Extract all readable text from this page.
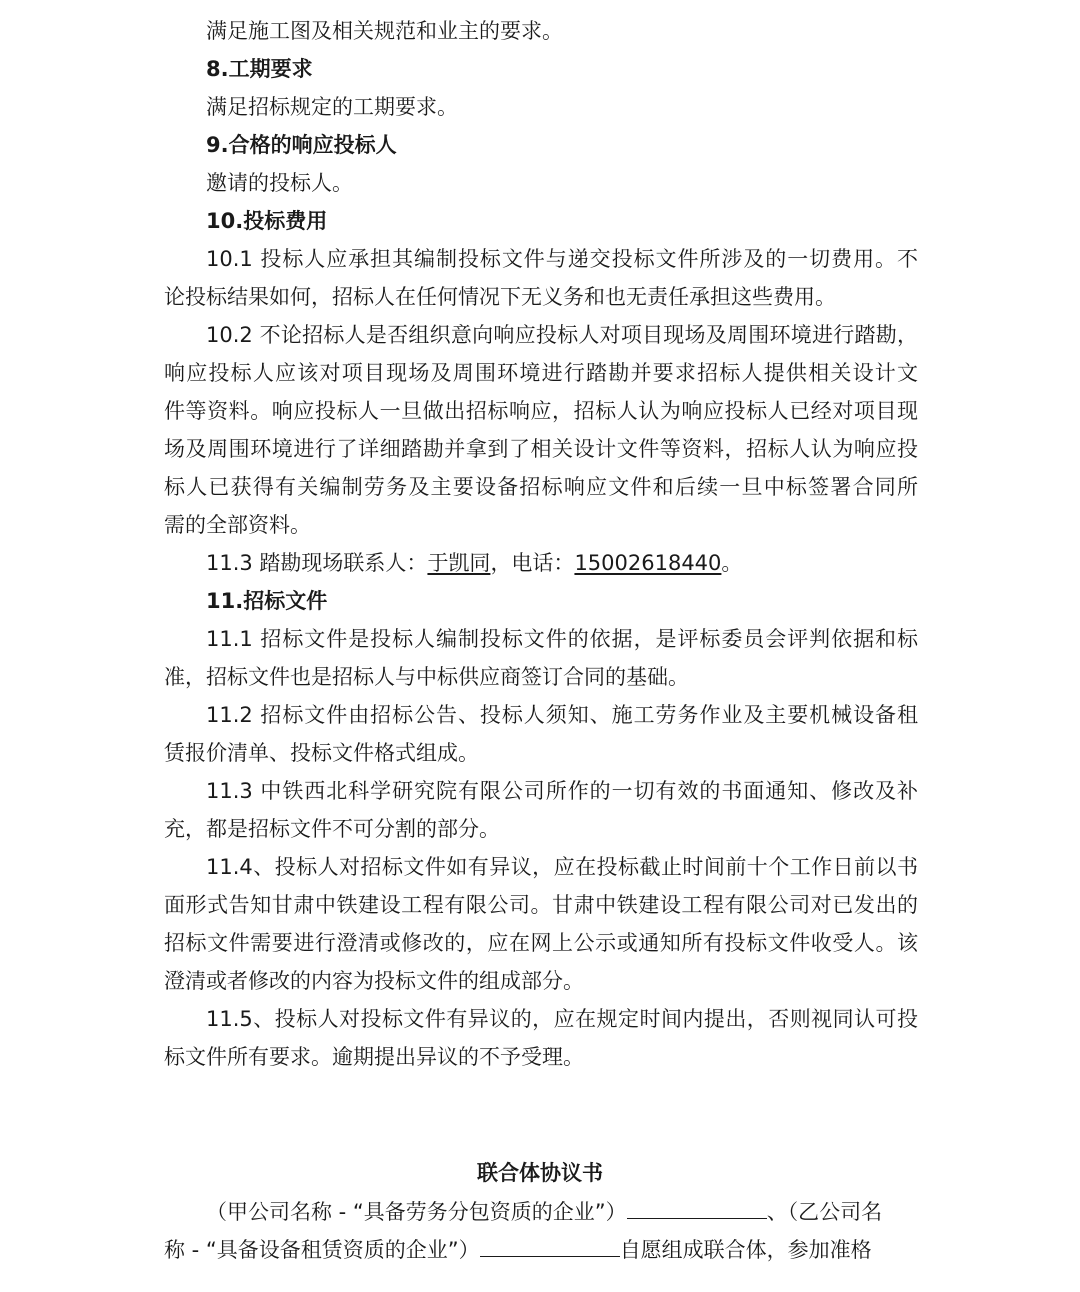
满足施工图及相关规范和业主的要求。
8.工期要求
满足招标规定的工期要求。
9.合格的响应投标人
邀请的投标人。
10.投标费用
10.1 投标人应承担其编制投标文件与递交投标文件所涉及的一切费用。不
论投标结果如何，招标人在任何情况下无义务和也无责任承担这些费用。
10.2 不论招标人是否组织意向响应投标人对项目现场及周围环境进行踏勘，
响应投标人应该对项目现场及周围环境进行踏勘并要求招标人提供相关设计文
件等资料。响应投标人一旦做出招标响应，招标人认为响应投标人已经对项目现
场及周围环境进行了详细踏勘并拿到了相关设计文件等资料，招标人认为响应投
标人已获得有关编制劳务及主要设备招标响应文件和后续一旦中标签署合同所
需的全部资料。
11.3 踏勘现场联系人：于凯同，电话：15002618440。
11.招标文件
11.1 招标文件是投标人编制投标文件的依据，是评标委员会评判依据和标
准，招标文件也是招标人与中标供应商签订合同的基础。
11.2 招标文件由招标公告、投标人须知、施工劳务作业及主要机械设备租
赁报价清单、投标文件格式组成。
11.3 中铁西北科学研究院有限公司所作的一切有效的书面通知、修改及补
充，都是招标文件不可分割的部分。
11.4、投标人对招标文件如有异议，应在投标截止时间前十个工作日前以书
面形式告知甘肃中铁建设工程有限公司。甘肃中铁建设工程有限公司对已发出的
招标文件需要进行澄清或修改的，应在网上公示或通知所有投标文件收受人。该
澄清或者修改的内容为投标文件的组成部分。
11.5、投标人对投标文件有异议的，应在规定时间内提出，否则视同认可投
标文件所有要求。逾期提出异议的不予受理。
联合体协议书
（甲公司名称 - “具备劳务分包资质的企业”）	、（乙公司名
称 - “具备设备租赁资质的企业”）	自愿组成联合体，参加准格
